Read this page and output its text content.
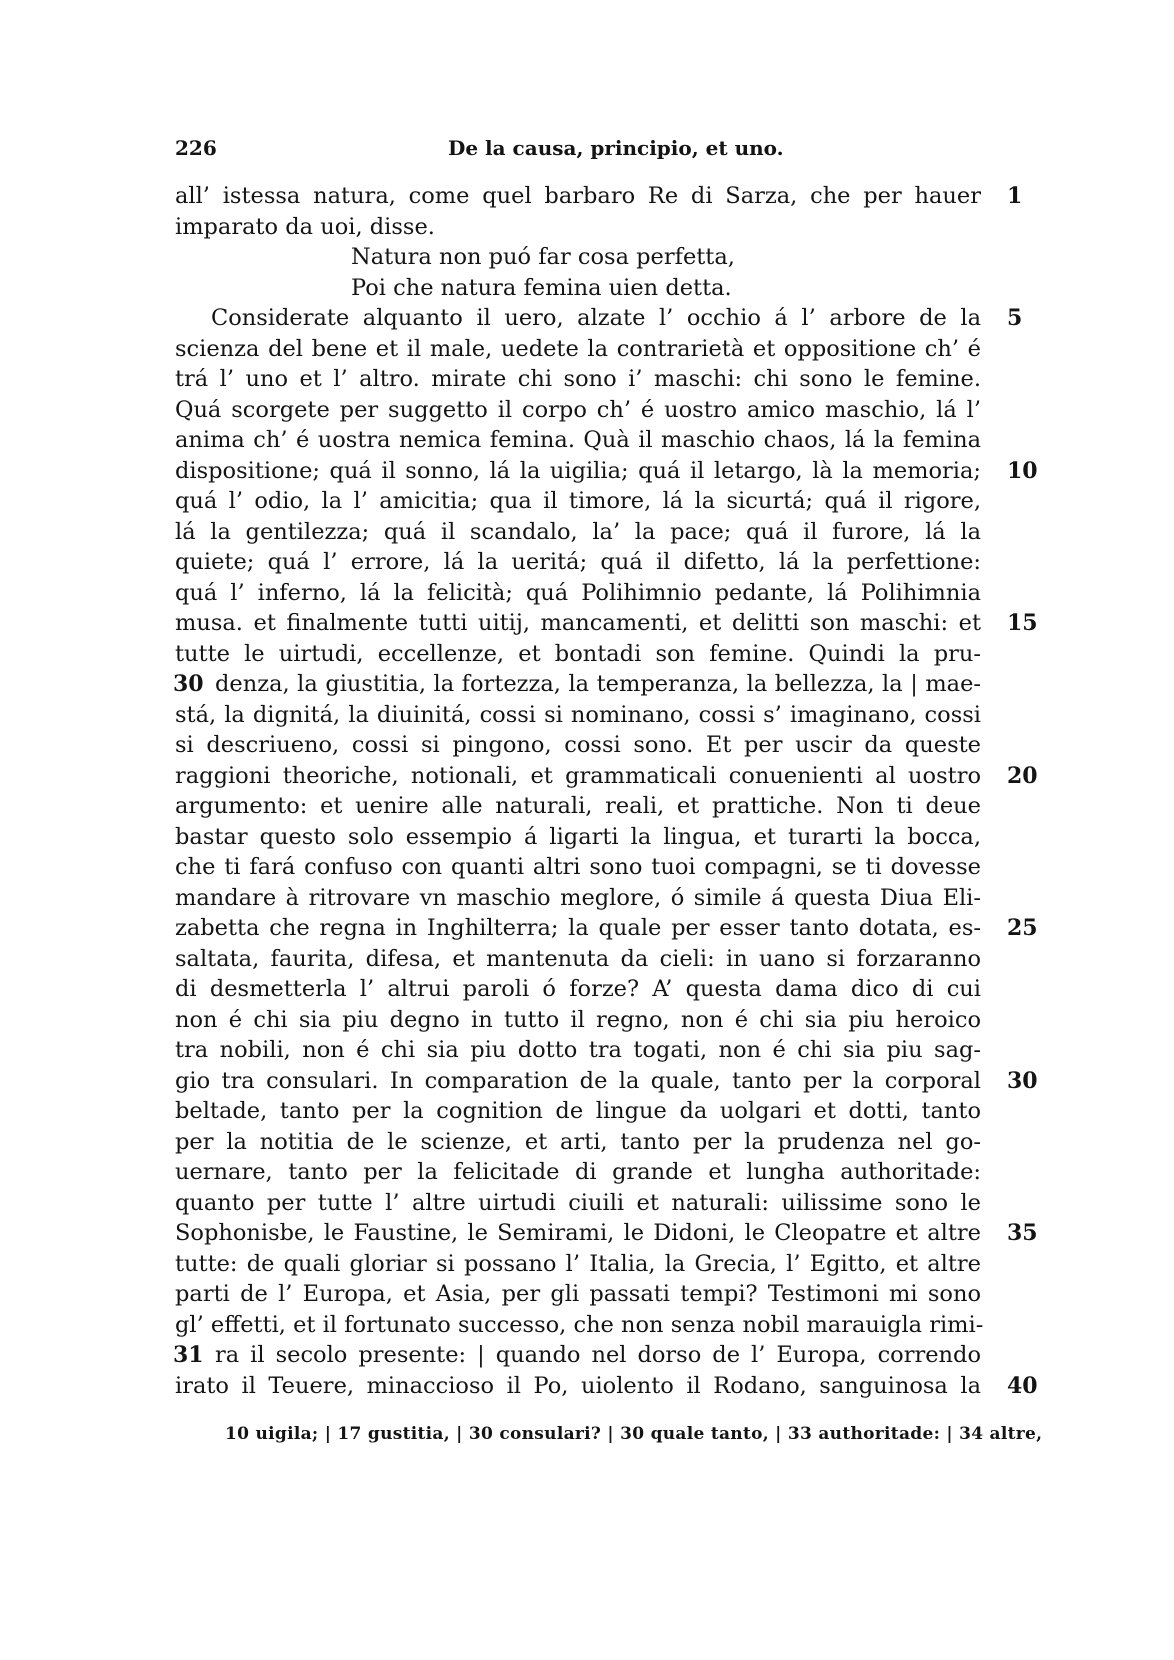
226	De la causa, principio, et uno.
all’ istessa natura, come quel barbaro Re di Sarza, che per hauer 1
imparato da uoi, disse.
Natura non puó far cosa perfetta,
Poi che natura femina uien detta.
Considerate alquanto il uero, alzate l’ occhio á l’ arbore de la 5
scienza del bene et il male, uedete la contrarietà et oppositione ch’ é
trá l’ uno et l’ altro. mirate chi sono i’ maschi: chi sono le femine.
Quá scorgete per suggetto il corpo ch’ é uostro amico maschio, lá l’
anima ch’ é uostra nemica femina. Quà il maschio chaos, lá la femina
dispositione; quá il sonno, lá la uigilia; quá il letargo, là la memoria; 10
quá l’ odio, la l’ amicitia; qua il timore, lá la sicurtá; quá il rigore,
lá la gentilezza; quá il scandalo, la’ la pace; quá il furore, lá la
quiete; quá l’ errore, lá la ueritá; quá il difetto, lá la perfettione:
quá l’ inferno, lá la felicità; quá Polihimnio pedante, lá Polihimnia
musa. et finalmente tutti uitij, mancamenti, et delitti son maschi: et 15
tutte le uirtudi, eccellenze, et bontadi son femine. Quindi la pru-
30 denza, la giustitia, la fortezza, la temperanza, la bellezza, la | mae-
stá, la dignitá, la diuinitá, cossi si nominano, cossi s’ imaginano, cossi
si descriueno, cossi si pingono, cossi sono. Et per uscir da queste
raggioni theoriche, notionali, et grammaticali conuenienti al uostro 20
argumento: et uenire alle naturali, reali, et prattiche. Non ti deue
bastar questo solo essempio á ligarti la lingua, et turarti la bocca,
che ti fará confuso con quanti altri sono tuoi compagni, se ti dovesse
mandare à ritrovare vn maschio meglore, ó simile á questa Diua Eli-
zabetta che regna in Inghilterra; la quale per esser tanto dotata, es- 25
saltata, faurita, difesa, et mantenuta da cieli: in uano si forzaranno
di desmetterla l’ altrui paroli ó forze? A’ questa dama dico di cui
non é chi sia piu degno in tutto il regno, non é chi sia piu heroico
tra nobili, non é chi sia piu dotto tra togati, non é chi sia piu sag-
gio tra consulari. In comparation de la quale, tanto per la corporal 30
beltade, tanto per la cognition de lingue da uolgari et dotti, tanto
per la notitia de le scienze, et arti, tanto per la prudenza nel go-
uernare, tanto per la felicitade di grande et lungha authoritade:
quanto per tutte l’ altre uirtudi ciuili et naturali: uilissime sono le
Sophonisbe, le Faustine, le Semirami, le Didoni, le Cleopatre et altre 35
tutte: de quali gloriar si possano l’ Italia, la Grecia, l’ Egitto, et altre
parti de l’ Europa, et Asia, per gli passati tempi? Testimoni mi sono
gl’ effetti, et il fortunato successo, che non senza nobil marauigla rimi-
31 ra il secolo presente: | quando nel dorso de l’ Europa, correndo
irato il Teuere, minaccioso il Po, uiolento il Rodano, sanguinosa la 40
10 uigila; | 17 gustitia, | 30 consulari? | 30 quale tanto, | 33 authoritade: | 34 altre,
